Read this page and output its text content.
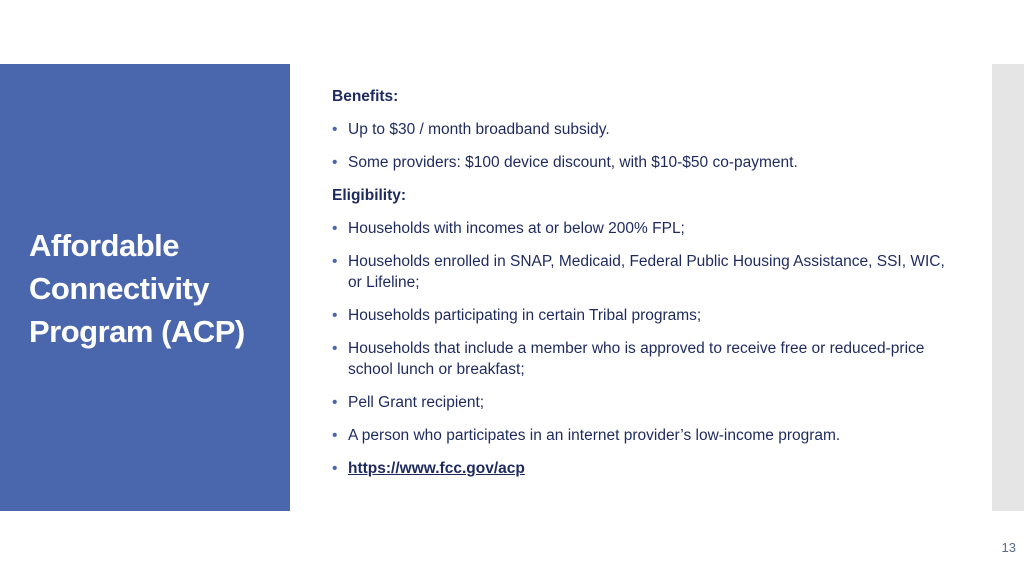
Affordable
Connectivity
Program (ACP)

Benefits:

• Up to $30 / month broadband subsidy.
• Some providers: $100 device discount, with $10-$50 co-payment.

Eligibility:

• Households with incomes at or below 200% FPL;
• Households enrolled in SNAP, Medicaid, Federal Public Housing Assistance, SSI, WIC, or Lifeline;
• Households participating in certain Tribal programs;
• Households that include a member who is approved to receive free or reduced-price school lunch or breakfast;
• Pell Grant recipient;
• A person who participates in an internet provider’s low-income program.
• https://www.fcc.gov/acp
13
